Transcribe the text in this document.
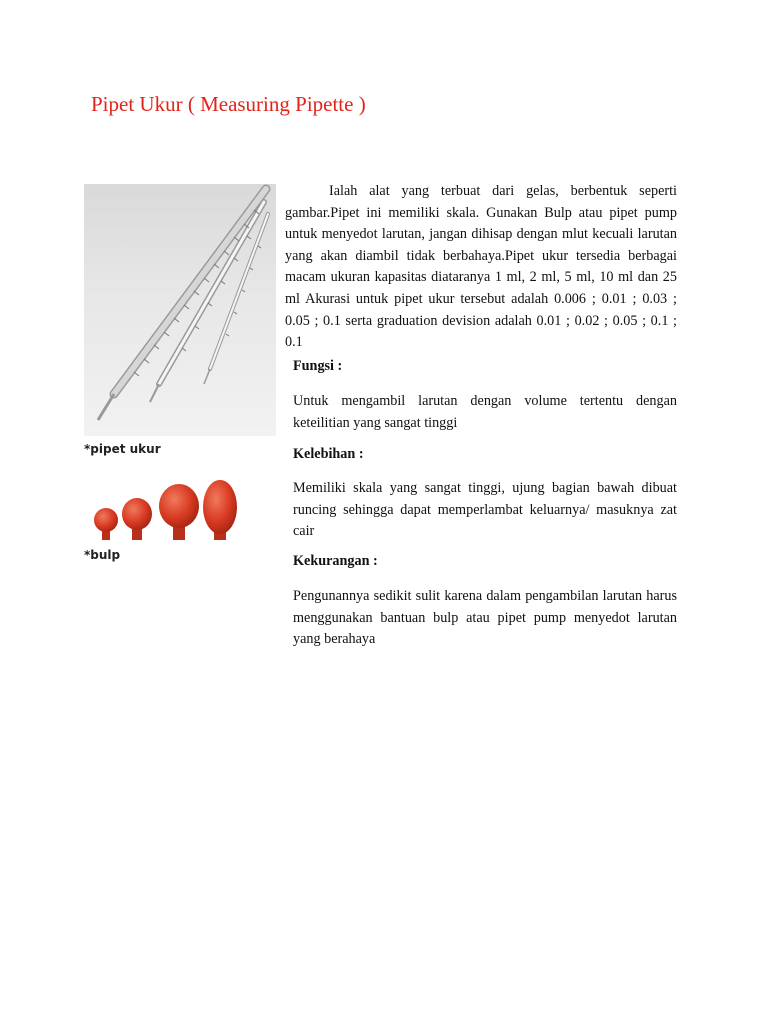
Pipet Ukur ( Measuring Pipette )
*pipet ukur
*bulp

Ialah alat yang terbuat dari gelas, berbentuk seperti gambar.Pipet ini memiliki skala. Gunakan Bulp atau pipet pump untuk menyedot larutan, jangan dihisap dengan mlut kecuali larutan yang akan diambil tidak berbahaya.Pipet ukur tersedia berbagai macam ukuran kapasitas diataranya 1 ml, 2 ml, 5 ml, 10 ml dan 25 ml Akurasi untuk pipet ukur tersebut adalah 0.006 ; 0.01 ; 0.03 ; 0.05 ; 0.1 serta graduation devision adalah 0.01 ; 0.02 ; 0.05 ; 0.1 ; 0.1

Fungsi :

Untuk mengambil larutan dengan volume tertentu dengan keteilitian yang sangat tinggi

Kelebihan :

Memiliki skala yang sangat tinggi, ujung bagian bawah dibuat runcing sehingga dapat memperlambat keluarnya/ masuknya zat cair

Kekurangan :

Pengunannya sedikit sulit karena dalam pengambilan larutan harus menggunakan bantuan bulp atau pipet pump menyedot larutan yang berahaya
